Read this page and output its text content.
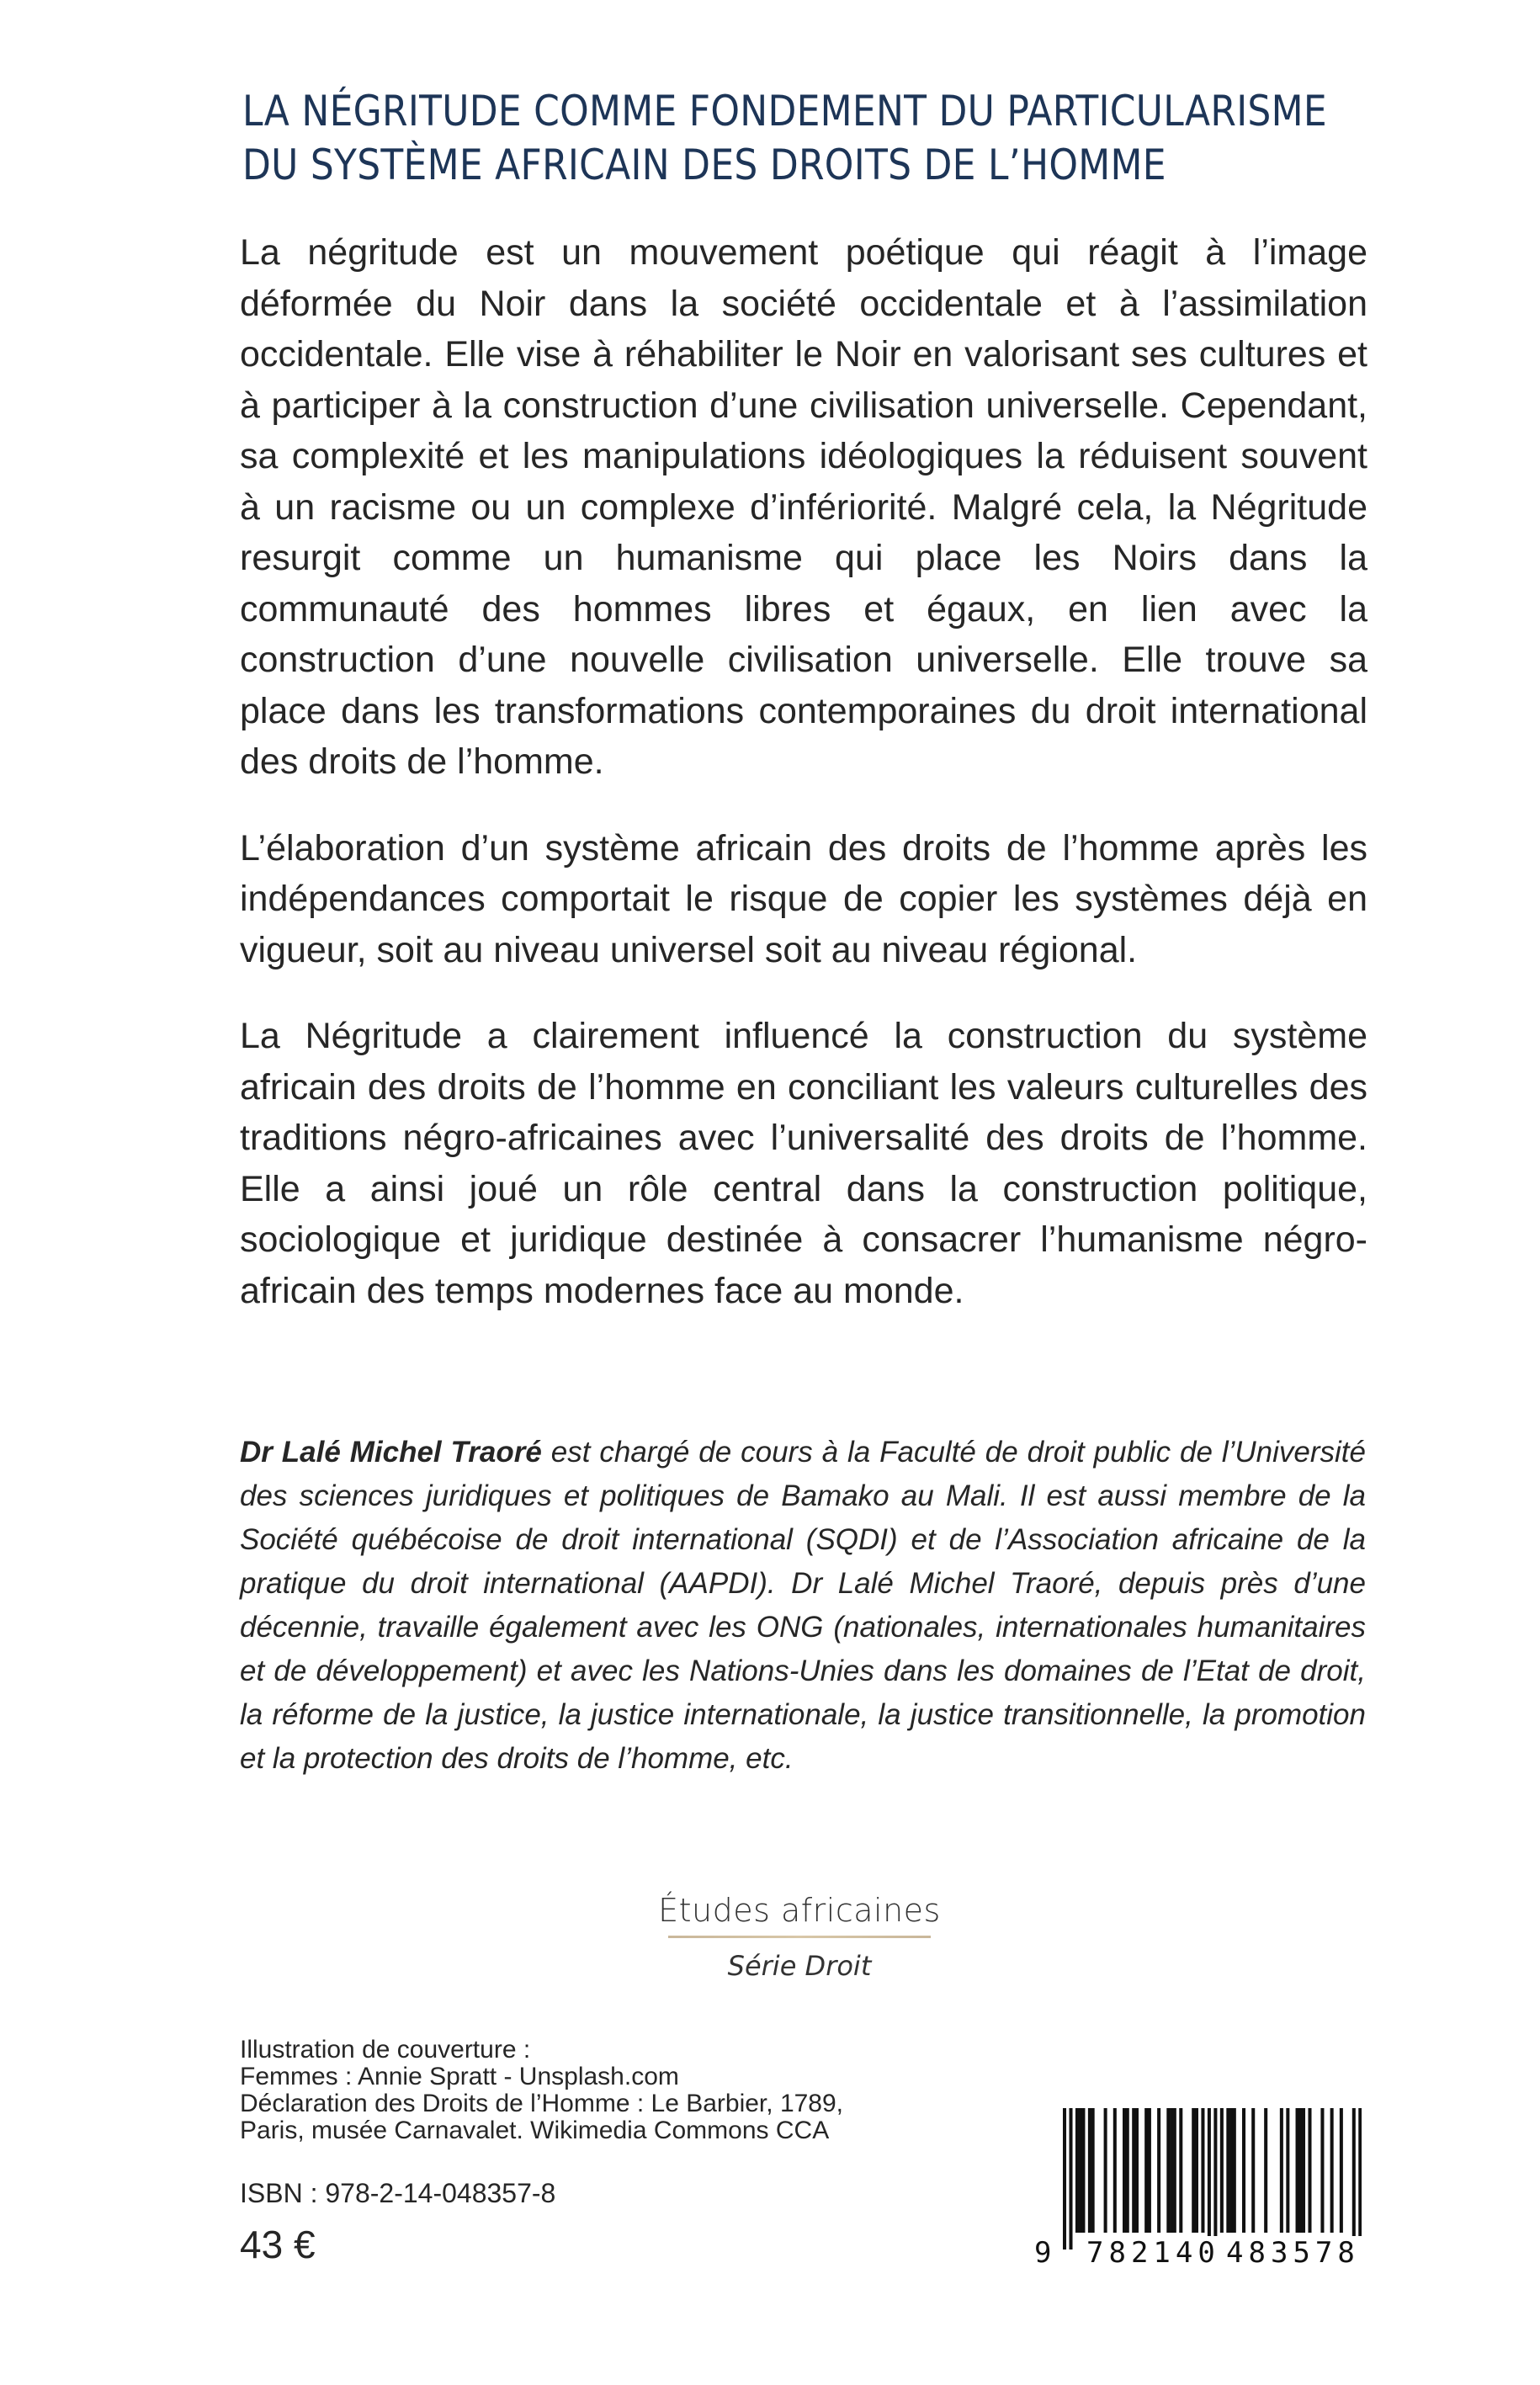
LA NÉGRITUDE COMME FONDEMENT DU PARTICULARISME
DU SYSTÈME AFRICAIN DES DROITS DE L’HOMME

La négritude est un mouvement poétique qui réagit à l’image déformée du Noir dans la société occidentale et à l’assimilation occidentale. Elle vise à réhabiliter le Noir en valorisant ses cultures et à participer à la construction d’une civilisation universelle. Cependant, sa complexité et les manipulations idéologiques la réduisent souvent à un racisme ou un complexe d’infériorité. Malgré cela, la Négritude resurgit comme un humanisme qui place les Noirs dans la communauté des hommes libres et égaux, en lien avec la construction d’une nouvelle civilisation universelle. Elle trouve sa place dans les transformations contemporaines du droit international des droits de l’homme.

L’élaboration d’un système africain des droits de l’homme après les indépendances comportait le risque de copier les systèmes déjà en vigueur, soit au niveau universel soit au niveau régional.

La Négritude a clairement influencé la construction du système africain des droits de l’homme en conciliant les valeurs culturelles des traditions négro-africaines avec l’universalité des droits de l’homme. Elle a ainsi joué un rôle central dans la construction politique, sociologique et juridique destinée à consacrer l’humanisme négro-africain des temps modernes face au monde.

Dr Lalé Michel Traoré est chargé de cours à la Faculté de droit public de l’Université des sciences juridiques et politiques de Bamako au Mali. Il est aussi membre de la Société québécoise de droit international (SQDI) et de l’Association africaine de la pratique du droit international (AAPDI). Dr Lalé Michel Traoré, depuis près d’une décennie, travaille également avec les ONG (nationales, internationales humanitaires et de développement) et avec les Nations-Unies dans les domaines de l’Etat de droit, la réforme de la justice, la justice internationale, la justice transitionnelle, la promotion et la protection des droits de l’homme, etc.

Études africaines
Série Droit
Illustration de couverture :
Femmes : Annie Spratt - Unsplash.com
Déclaration des Droits de l’Homme : Le Barbier, 1789,
Paris, musée Carnavalet. Wikimedia Commons CCA
ISBN : 978-2-14-048357-8
43 €	9 782140 483578
